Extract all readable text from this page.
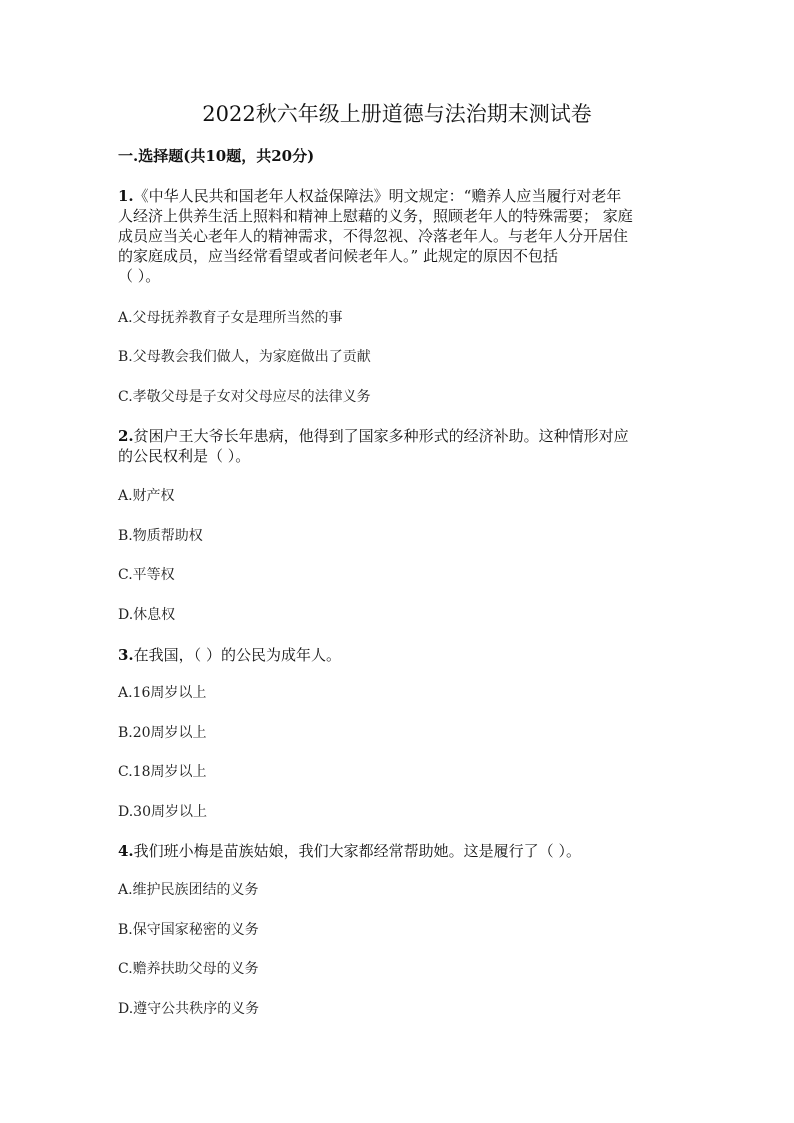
2022秋六年级上册道德与法治期末测试卷
一.选择题(共10题，共20分)
1.《中华人民共和国老年人权益保障法》明文规定：“赡养人应当履行对老年
人经济上供养生活上照料和精神上慰藉的义务，照顾老年人的特殊需要； 家庭
成员应当关心老年人的精神需求，不得忽视、冷落老年人。与老年人分开居住
的家庭成员，应当经常看望或者问候老年人。” 此规定的原因不包括
（ ）。
A.父母抚养教育子女是理所当然的事
B.父母教会我们做人，为家庭做出了贡献
C.孝敬父母是子女对父母应尽的法律义务
2.贫困户王大爷长年患病，他得到了国家多种形式的经济补助。这种情形对应
的公民权利是（ ）。
A.财产权
B.物质帮助权
C.平等权
D.休息权
3.在我国，（ ）的公民为成年人。
A.16周岁以上
B.20周岁以上
C.18周岁以上
D.30周岁以上
4.我们班小梅是苗族姑娘，我们大家都经常帮助她。这是履行了（ ）。
A.维护民族团结的义务
B.保守国家秘密的义务
C.赡养扶助父母的义务
D.遵守公共秩序的义务
